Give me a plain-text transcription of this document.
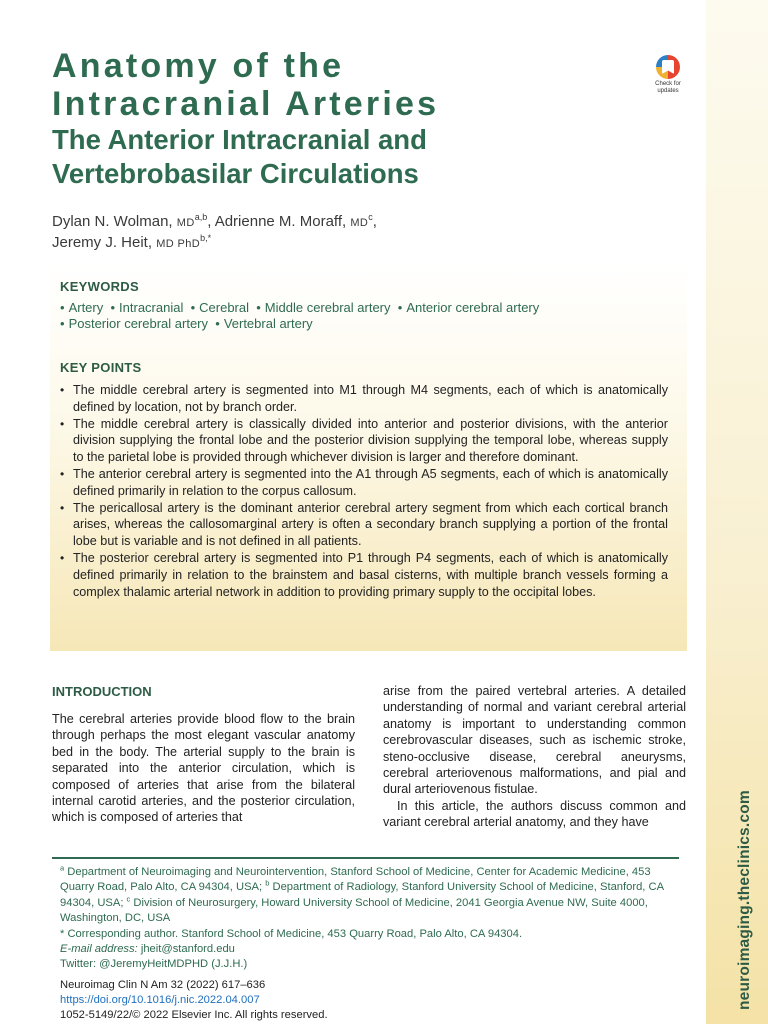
neuroimaging.theclinics.com
Check for
updates
Anatomy of the
Intracranial Arteries
The Anterior Intracranial and Vertebrobasilar Circulations
Dylan N. Wolman, MD$^{a,b}$, Adrienne M. Moraff, $MD^c$,
Jeremy J. Heit, MD PhD$^{b,*}$
KEYWORDS
• Artery  • Intracranial  • Cerebral  • Middle cerebral artery  • Anterior cerebral artery
• Posterior cerebral artery  • Vertebral artery
KEY POINTS
• The middle cerebral artery is segmented into M1 through M4 segments, each of which is anatomically defined by location, not by branch order.
• The middle cerebral artery is classically divided into anterior and posterior divisions, with the anterior division supplying the frontal lobe and the posterior division supplying the temporal lobe, whereas supply to the parietal lobe is provided through whichever division is larger and therefore dominant.
• The anterior cerebral artery is segmented into the A1 through A5 segments, each of which is anatomically defined primarily in relation to the corpus callosum.
• The pericallosal artery is the dominant anterior cerebral artery segment from which each cortical branch arises, whereas the callosomarginal artery is often a secondary branch supplying a portion of the frontal lobe but is variable and is not defined in all patients.
• The posterior cerebral artery is segmented into P1 through P4 segments, each of which is anatomically defined primarily in relation to the brainstem and basal cisterns, with multiple branch vessels forming a complex thalamic arterial network in addition to providing primary supply to the occipital lobes.
INTRODUCTION

The cerebral arteries provide blood flow to the brain through perhaps the most elegant vascular anatomy bed in the body. The arterial supply to the brain is separated into the anterior circulation, which is composed of arteries that arise from the bilateral internal carotid arteries, and the posterior circulation, which is composed of arteries that

arise from the paired vertebral arteries. A detailed understanding of normal and variant cerebral arterial anatomy is important to understanding common cerebrovascular diseases, such as ischemic stroke, steno-occlusive disease, cerebral aneurysms, cerebral arteriovenous malformations, and pial and dural arteriovenous fistulae.

In this article, the authors discuss common and variant cerebral arterial anatomy, and they have

$^a$ Department of Neuroimaging and Neurointervention, Stanford School of Medicine, Center for Academic Medicine, 453 Quarry Road, Palo Alto, CA 94304, USA; $^b$ Department of Radiology, Stanford University School of Medicine, Stanford, CA 94304, USA; $^c$ Division of Neurosurgery, Howard University School of Medicine, 2041 Georgia Avenue NW, Suite 4000, Washington, DC, USA

* Corresponding author. Stanford School of Medicine, 453 Quarry Road, Palo Alto, CA 94304.

E-mail address: jheit@stanford.edu

Twitter: @JeremyHeitMDPHD (J.J.H.)

Neuroimag Clin N Am 32 (2022) 617–636
https://doi.org/10.1016/j.nic.2022.04.007
1052-5149/22/© 2022 Elsevier Inc. All rights reserved.
